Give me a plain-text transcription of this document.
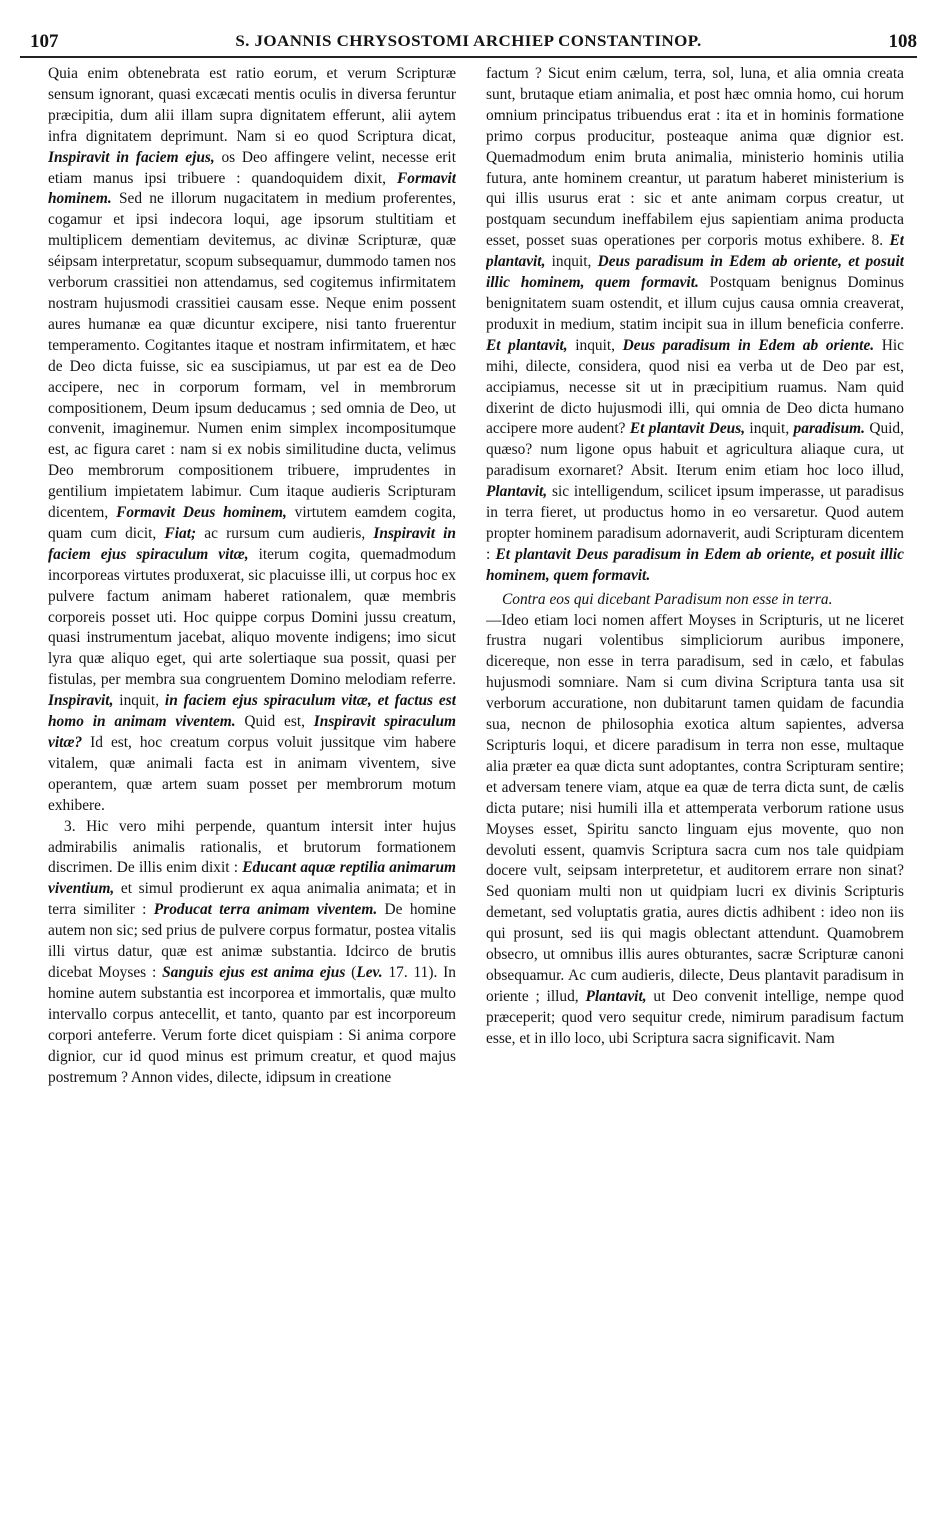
107	S. JOANNIS CHRYSOSTOMI ARCHIEP CONSTANTINOP.	108

Quia enim obtenebrata est ratio eorum, et verum Scripturæ sensum ignorant, quasi excæcati mentis oculis in diversa feruntur præcipitia, dum alii illam supra dignitatem efferunt, alii aytem infra dignitatem deprimunt. Nam si eo quod Scriptura dicat, Inspiravit in faciem ejus, os Deo affingere velint, necesse erit etiam manus ipsi tribuere : quandoquidem dixit, Formavit hominem. Sed ne illorum nugacitatem in medium proferentes, cogamur et ipsi indecora loqui, age ipsorum stultitiam et multiplicem dementiam devitemus, ac divinæ Scripturæ, quæ séipsam interpretatur, scopum subsequamur, dummodo tamen nos verborum crassitiei non attendamus, sed cogitemus infirmitatem nostram hujusmodi crassitiei causam esse. Neque enim possent aures humanæ ea quæ dicuntur excipere, nisi tanto fruerentur temperamento. Cogitantes itaque et nostram infirmitatem, et hæc de Deo dicta fuisse, sic ea suscipiamus, ut par est ea de Deo accipere, nec in corporum formam, vel in membrorum compositionem, Deum ipsum deducamus ; sed omnia de Deo, ut convenit, imaginemur. Numen enim simplex incompositumque est, ac figura caret : nam si ex nobis similitudine ducta, velimus Deo membrorum compositionem tribuere, imprudentes in gentilium impietatem labimur. Cum itaque audieris Scripturam dicentem, Formavit Deus hominem, virtutem eamdem cogita, quam cum dicit, Fiat; ac rursum cum audieris, Inspiravit in faciem ejus spiraculum vitæ, iterum cogita, quemadmodum incorporeas virtutes produxerat, sic placuisse illi, ut corpus hoc ex pulvere factum animam haberet rationalem, quæ membris corporeis posset uti. Hoc quippe corpus Domini jussu creatum, quasi instrumentum jacebat, aliquo movente indigens; imo sicut lyra quæ aliquo eget, qui arte solertiaque sua possit, quasi per fistulas, per membra sua congruentem Domino melodiam referre. Inspiravit, inquit, in faciem ejus spiraculum vitæ, et factus est homo in animam viventem. Quid est, Inspiravit spiraculum vitæ? Id est, hoc creatum corpus voluit jussitque vim habere vitalem, quæ animali facta est in animam viventem, sive operantem, quæ artem suam posset per membrorum motum exhibere.

3. Hic vero mihi perpende, quantum intersit inter hujus admirabilis animalis rationalis, et brutorum formationem discrimen. De illis enim dixit : Educant aquæ reptilia animarum viventium, et simul prodierunt ex aqua animalia animata; et in terra similiter : Producat terra animam viventem. De homine autem non sic; sed prius de pulvere corpus formatur, postea vitalis illi virtus datur, quæ est animæ substantia. Idcirco de brutis dicebat Moyses : Sanguis ejus est anima ejus (Lev. 17. 11). In homine autem substantia est incorporea et immortalis, quæ multo intervallo corpus antecellit, et tanto, quanto par est incorporeum corpori anteferre. Verum forte dicet quispiam : Si anima corpore dignior, cur id quod minus est primum creatur, et quod majus postremum ? Annon vides, dilecte, idipsum in creatione

factum ? Sicut enim cælum, terra, sol, luna, et alia omnia creata sunt, brutaque etiam animalia, et post hæc omnia homo, cui horum omnium principatus tribuendus erat : ita et in hominis formatione primo corpus producitur, posteaque anima quæ dignior est. Quemadmodum enim bruta animalia, ministerio hominis utilia futura, ante hominem creantur, ut paratum haberet ministerium is qui illis usurus erat : sic et ante animam corpus creatur, ut postquam secundum ineffabilem ejus sapientiam anima producta esset, posset suas operationes per corporis motus exhibere. 8. Et plantavit, inquit, Deus paradisum in Edem ab oriente, et posuit illic hominem, quem formavit. Postquam benignus Dominus benignitatem suam ostendit, et illum cujus causa omnia creaverat, produxit in medium, statim incipit sua in illum beneficia conferre. Et plantavit, inquit, Deus paradisum in Edem ab oriente. Hic mihi, dilecte, considera, quod nisi ea verba ut de Deo par est, accipiamus, necesse sit ut in præcipitium ruamus. Nam quid dixerint de dicto hujusmodi illi, qui omnia de Deo dicta humano accipere more audent? Et plantavit Deus, inquit, paradisum. Quid, quæso? num ligone opus habuit et agricultura aliaque cura, ut paradisum exornaret? Absit. Iterum enim etiam hoc loco illud, Plantavit, sic intelligendum, scilicet ipsum imperasse, ut paradisus in terra fieret, ut productus homo in eo versaretur. Quod autem propter hominem paradisum adornaverit, audi Scripturam dicentem : Et plantavit Deus paradisum in Edem ab oriente, et posuit illic hominem, quem formavit.

Contra eos qui dicebant Paradisum non esse in terra.

—Ideo etiam loci nomen affert Moyses in Scripturis, ut ne liceret frustra nugari volentibus simpliciorum auribus imponere, dicereque, non esse in terra paradisum, sed in cælo, et fabulas hujusmodi somniare. Nam si cum divina Scriptura tanta usa sit verborum accuratione, non dubitarunt tamen quidam de facundia sua, necnon de philosophia exotica altum sapientes, adversa Scripturis loqui, et dicere paradisum in terra non esse, multaque alia præter ea quæ dicta sunt adoptantes, contra Scripturam sentire; et adversam tenere viam, atque ea quæ de terra dicta sunt, de cælis dicta putare; nisi humili illa et attemperata verborum ratione usus Moyses esset, Spiritu sancto linguam ejus movente, quo non devoluti essent, quamvis Scriptura sacra cum nos tale quidpiam docere vult, seipsam interpretetur, et auditorem errare non sinat? Sed quoniam multi non ut quidpiam lucri ex divinis Scripturis demetant, sed voluptatis gratia, aures dictis adhibent : ideo non iis qui prosunt, sed iis qui magis oblectant attendunt. Quamobrem obsecro, ut omnibus illis aures obturantes, sacræ Scripturæ canoni obsequamur. Ac cum audieris, dilecte, Deus plantavit paradisum in oriente ; illud, Plantavit, ut Deo convenit intellige, nempe quod præceperit; quod vero sequitur crede, nimirum paradisum factum esse, et in illo loco, ubi Scriptura sacra significavit. Nam
